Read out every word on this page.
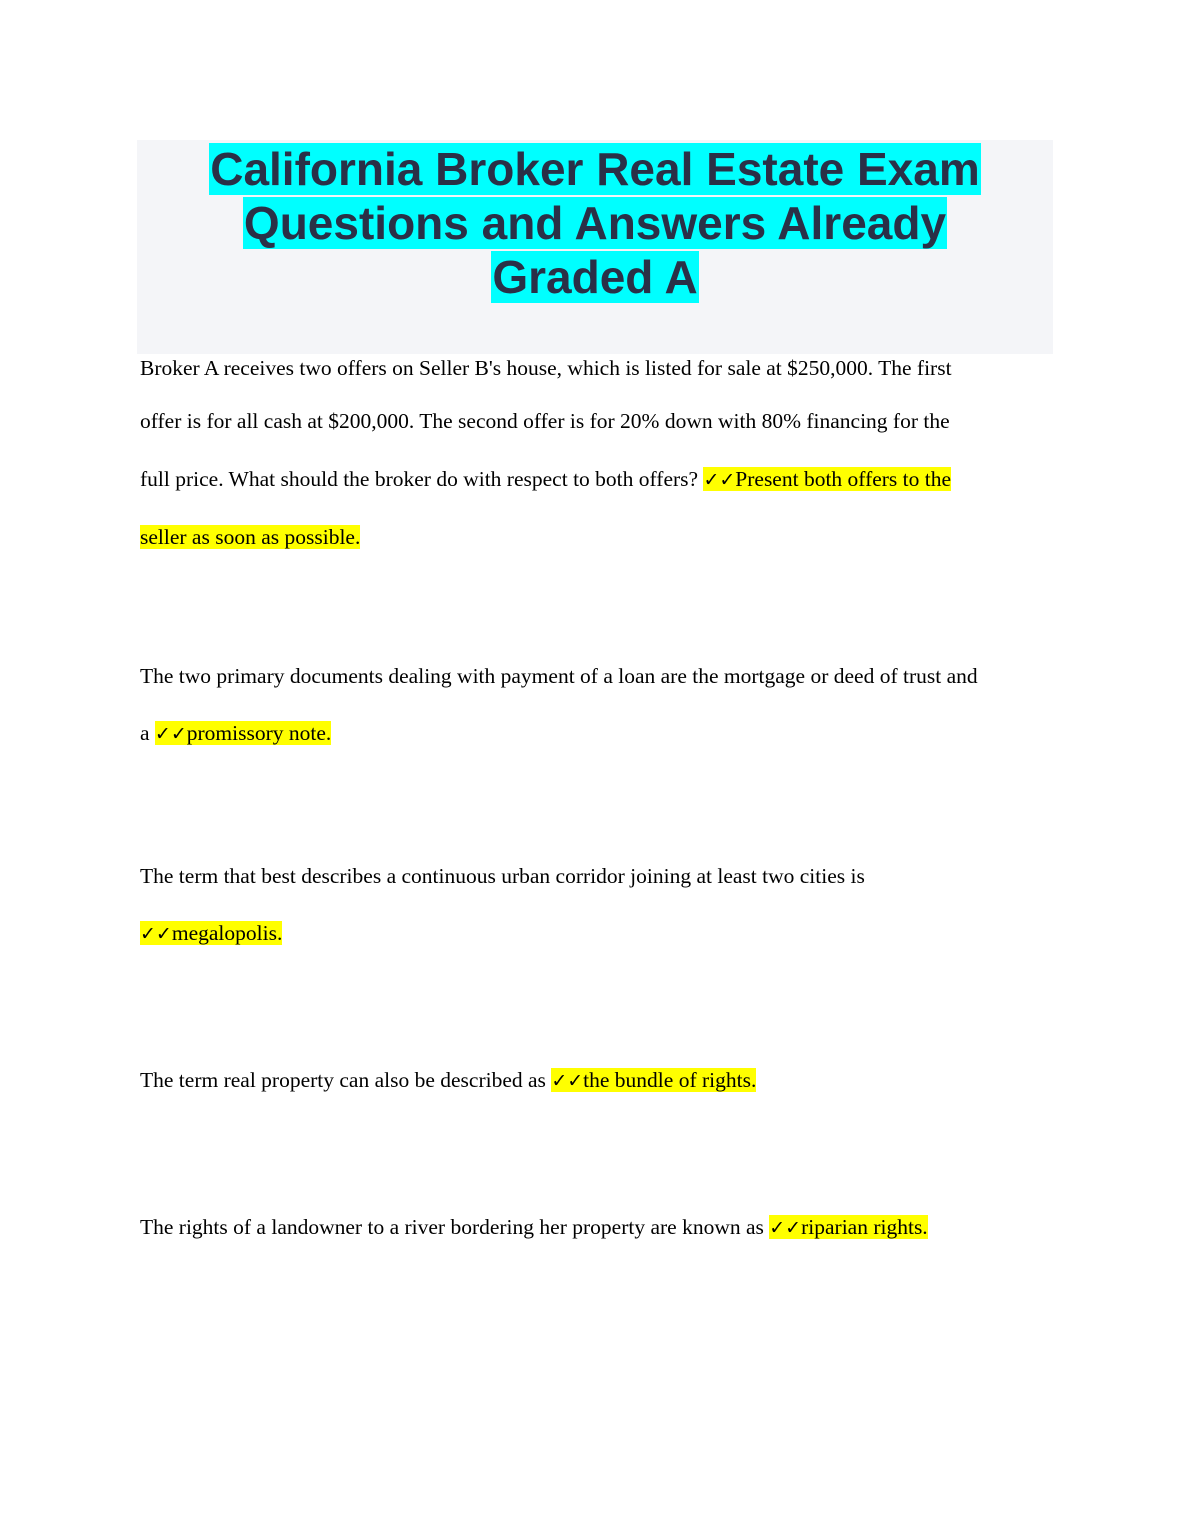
California Broker Real Estate Exam
Questions and Answers Already
Graded A
Broker A receives two offers on Seller B's house, which is listed for sale at $250,000. The first
offer is for all cash at $200,000. The second offer is for 20% down with 80% financing for the
full price. What should the broker do with respect to both offers? ✓✓Present both offers to the
seller as soon as possible.
The two primary documents dealing with payment of a loan are the mortgage or deed of trust and
a ✓✓promissory note.
The term that best describes a continuous urban corridor joining at least two cities is
✓✓megalopolis.
The term real property can also be described as ✓✓the bundle of rights.
The rights of a landowner to a river bordering her property are known as ✓✓riparian rights.
